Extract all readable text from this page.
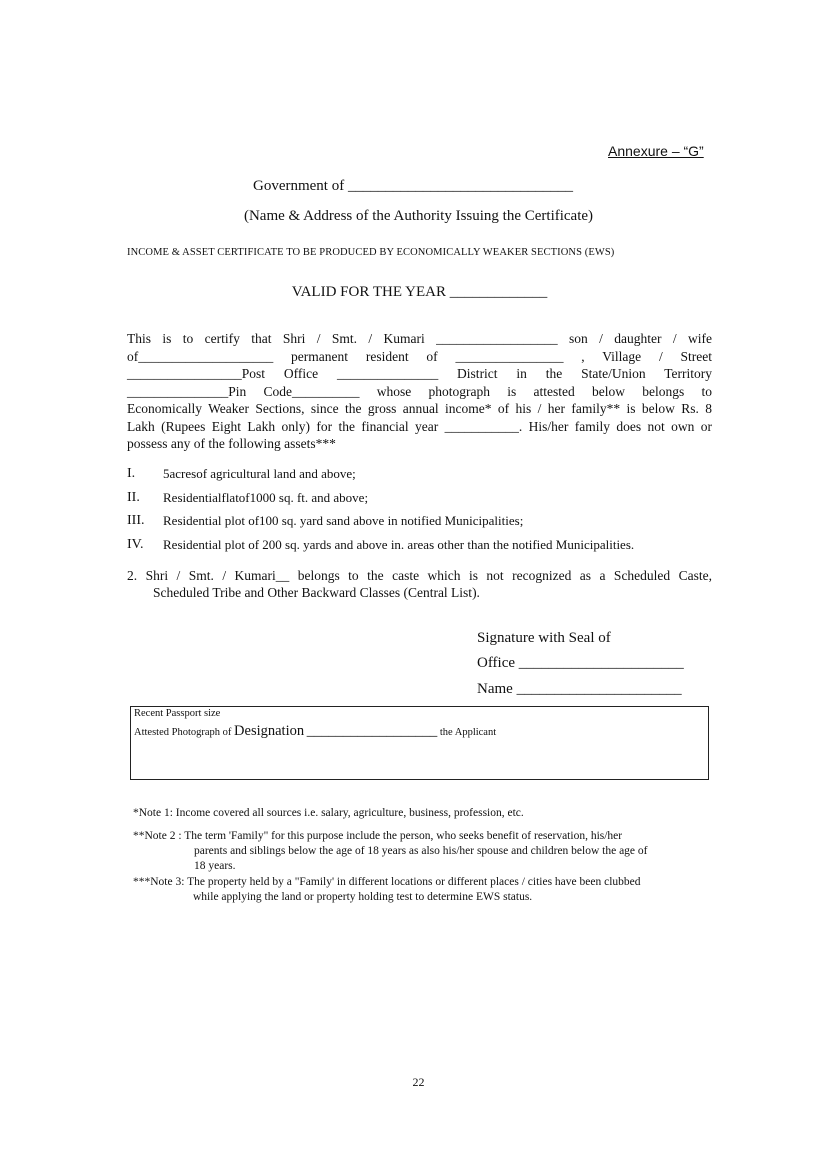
Annexure – “G”
Government of ______________________________
(Name & Address of the Authority Issuing the Certificate)
INCOME & ASSET CERTIFICATE TO BE PRODUCED BY ECONOMICALLY WEAKER SECTIONS (EWS)
VALID FOR THE YEAR _____________
This is to certify that Shri / Smt. / Kumari __________________ son / daughter / wife
of____________________ permanent resident of ________________ , Village / Street
_________________Post Office _______________ District in the State/Union Territory
_______________Pin Code__________ whose photograph is attested below belongs to
Economically Weaker Sections, since the gross annual income* of his / her family** is below Rs. 8
Lakh (Rupees Eight Lakh only) for the financial year ___________. His/her family does not own or
possess any of the following assets***
I. 5acresof agricultural land and above;
II. Residentialflatof1000 sq. ft. and above;
III. Residential plot of100 sq. yard sand above in notified Municipalities;
IV. Residential plot of 200 sq. yards and above in. areas other than the notified Municipalities.
2. Shri / Smt. / Kumari__ belongs to the caste which is not recognized as a Scheduled Caste,
Scheduled Tribe and Other Backward Classes (Central List).
Signature with Seal of
Office ______________________
Name ______________________
Recent Passport size
Attested Photograph of Designation __________________ the Applicant
*Note 1: Income covered all sources i.e. salary, agriculture, business, profession, etc.
**Note 2 : The term 'Family" for this purpose include the person, who seeks benefit of reservation, his/her
parents and siblings below the age of 18 years as also his/her spouse and children below the age of
18 years.
***Note 3: The property held by a "Family' in different locations or different places / cities have been clubbed
while applying the land or property holding test to determine EWS status.
22
